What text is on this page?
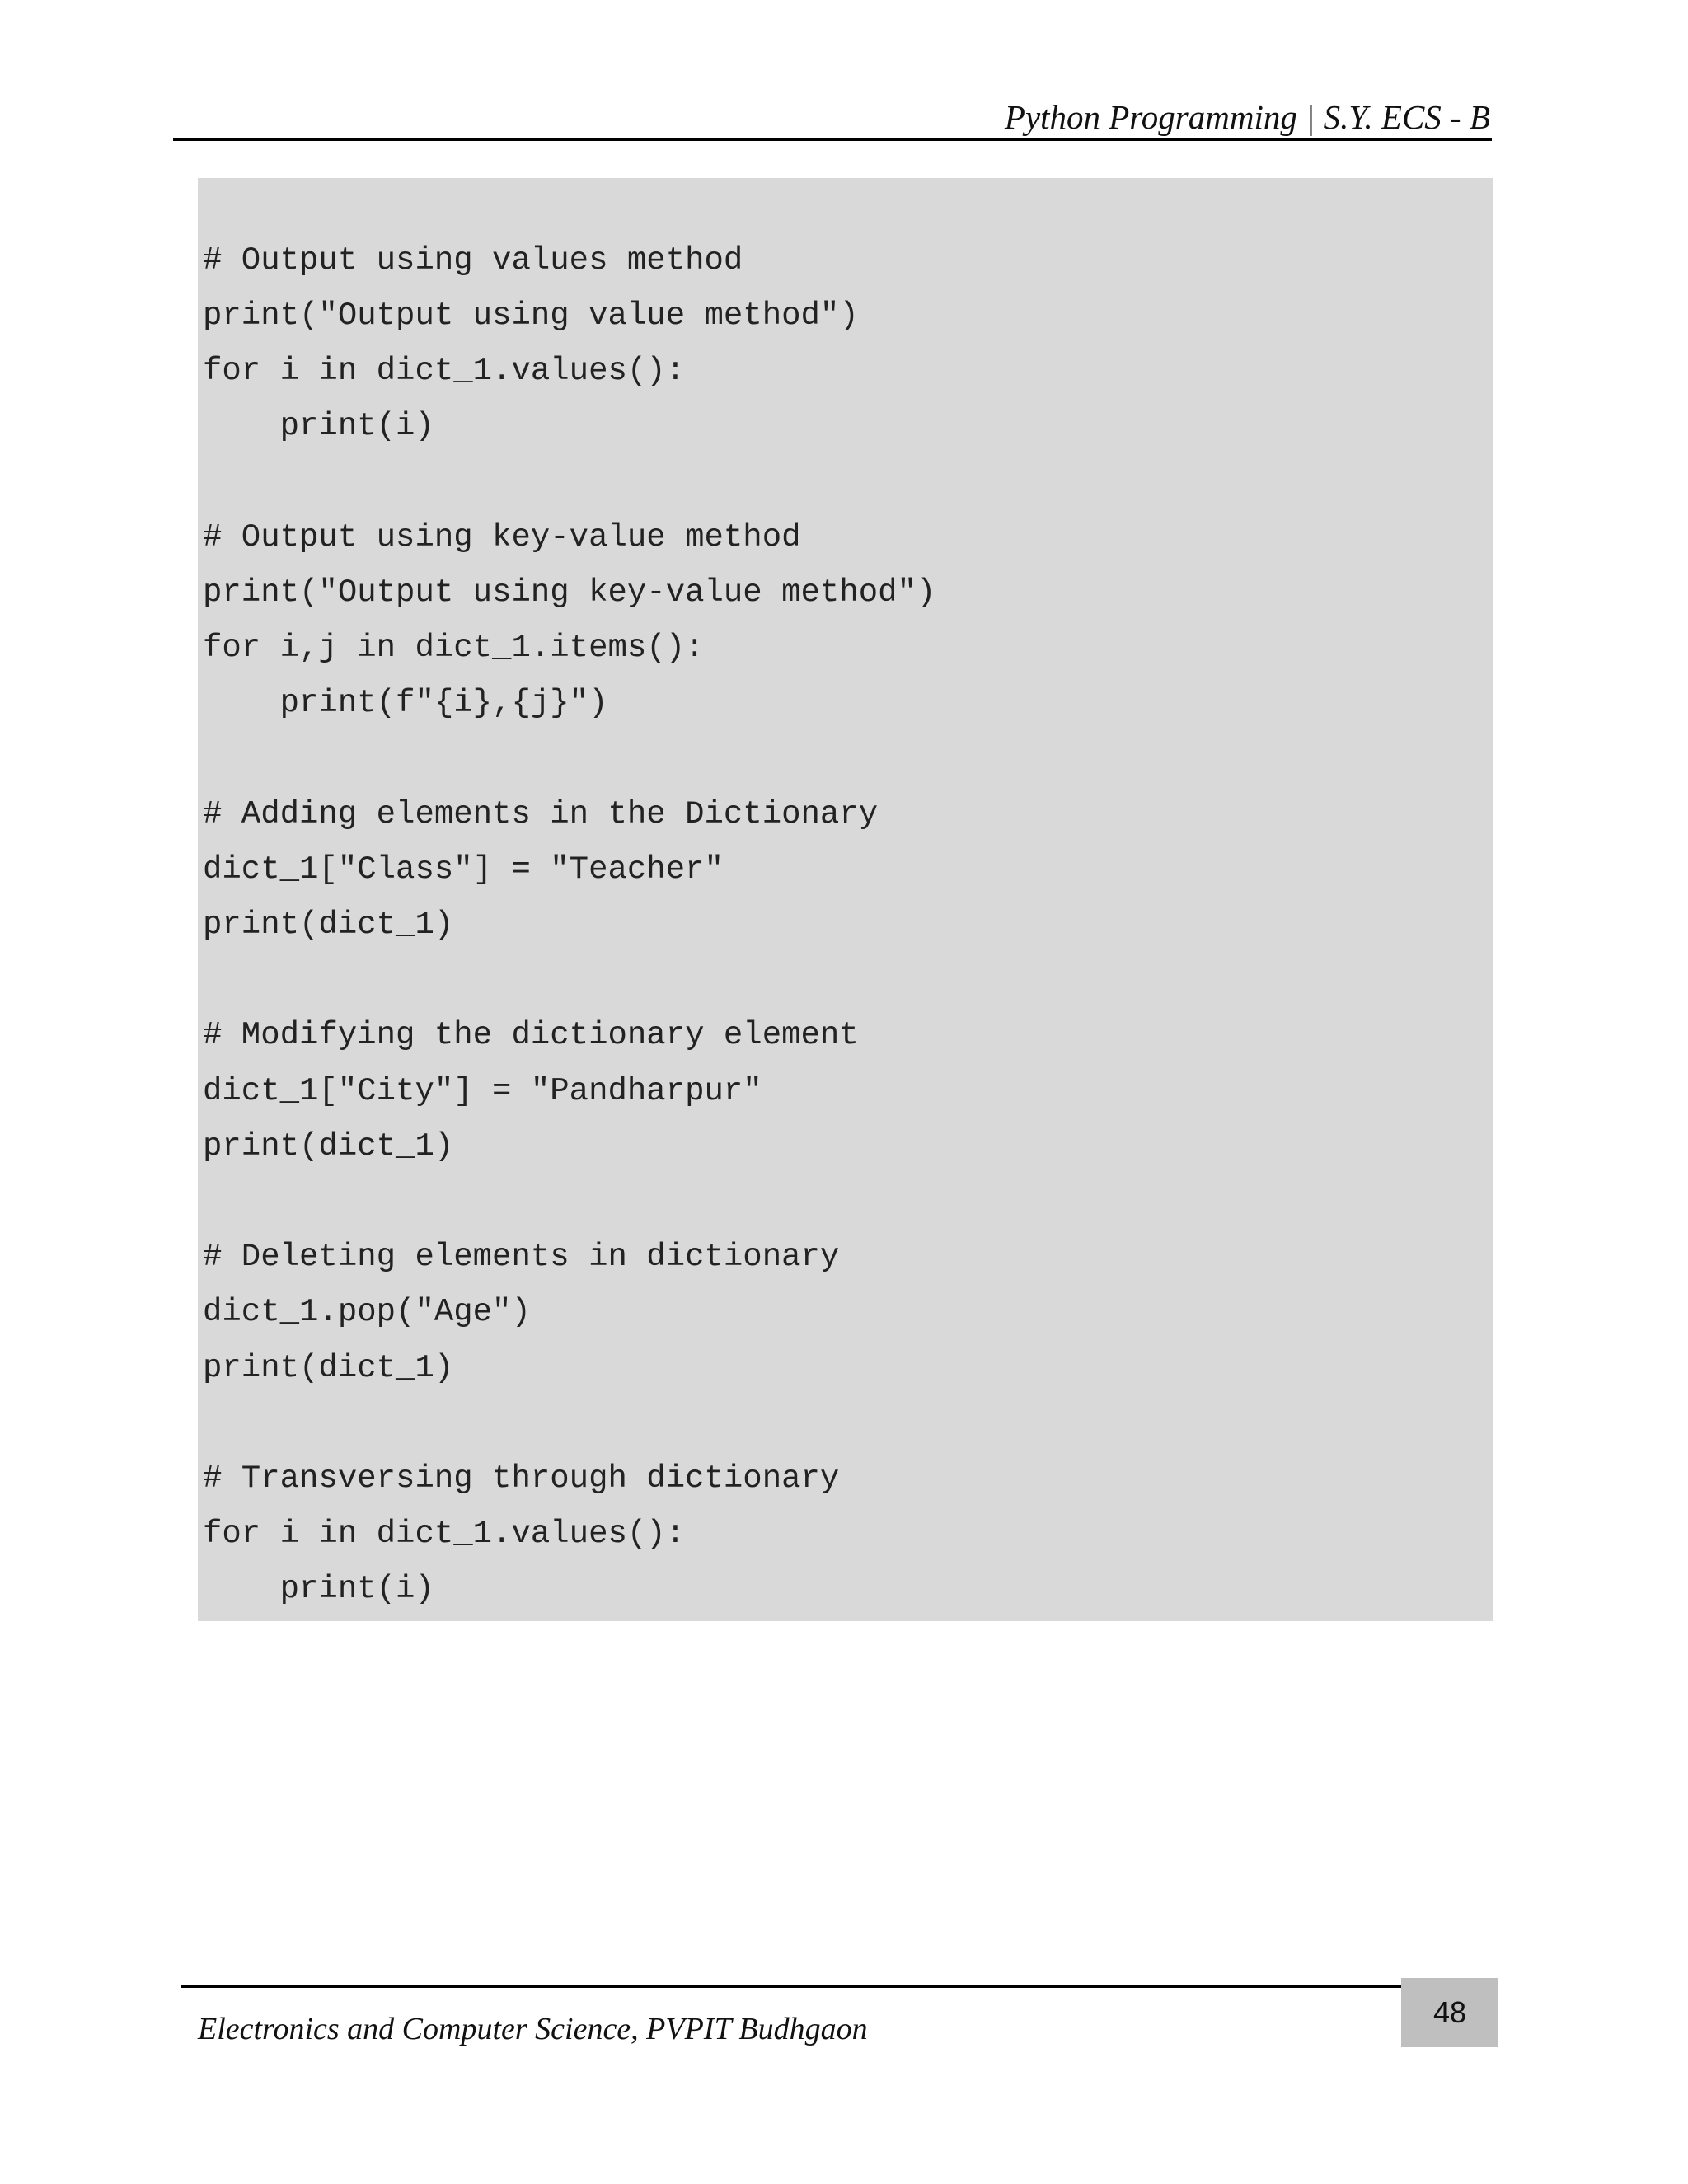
Python Programming | S.Y. ECS - B
# Output using values method
print("Output using value method")
for i in dict_1.values():
print(i)
# Output using key-value method
print("Output using key-value method")
for i,j in dict_1.items():
print(f"{i},{j}")
# Adding elements in the Dictionary
dict_1["Class"] = "Teacher"
print(dict_1)
# Modifying the dictionary element
dict_1["City"] = "Pandharpur"
print(dict_1)
# Deleting elements in dictionary
dict_1.pop("Age")
print(dict_1)
# Transversing through dictionary
for i in dict_1.values():
print(i)
Electronics and Computer Science, PVPIT Budhgaon	48
